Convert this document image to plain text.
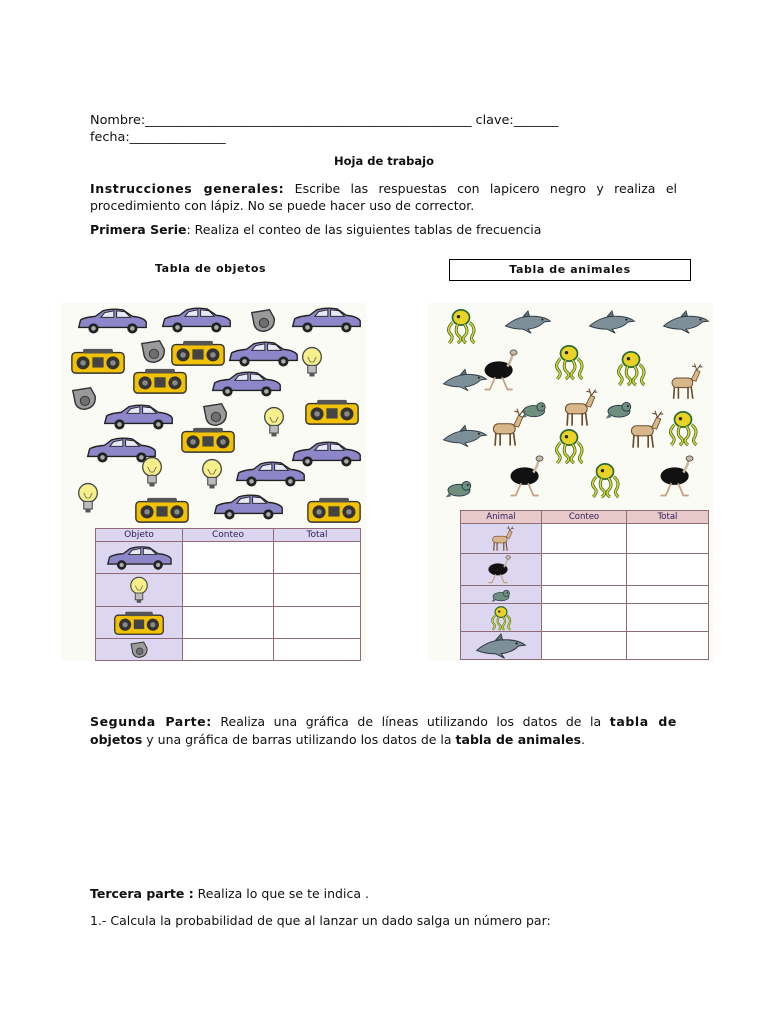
Nombre:___________________________________________________ clave:_______
fecha:_______________
Hoja de trabajo
Instrucciones generales: Escribe las respuestas con lapicero negro y realiza el
procedimiento con lápiz. No se puede hacer uso de corrector.
Primera Serie: Realiza el conteo de las siguientes tablas de frecuencia
Tabla de objetos	Tabla de animales
Objeto	Conteo	Total

Animal	Conteo	Total

Segunda Parte: Realiza una gráfica de líneas utilizando los datos de la tabla de
objetos y una gráfica de barras utilizando los datos de la tabla de animales.
Tercera parte : Realiza lo que se te indica .
1.- Calcula la probabilidad de que al lanzar un dado salga un número par:
